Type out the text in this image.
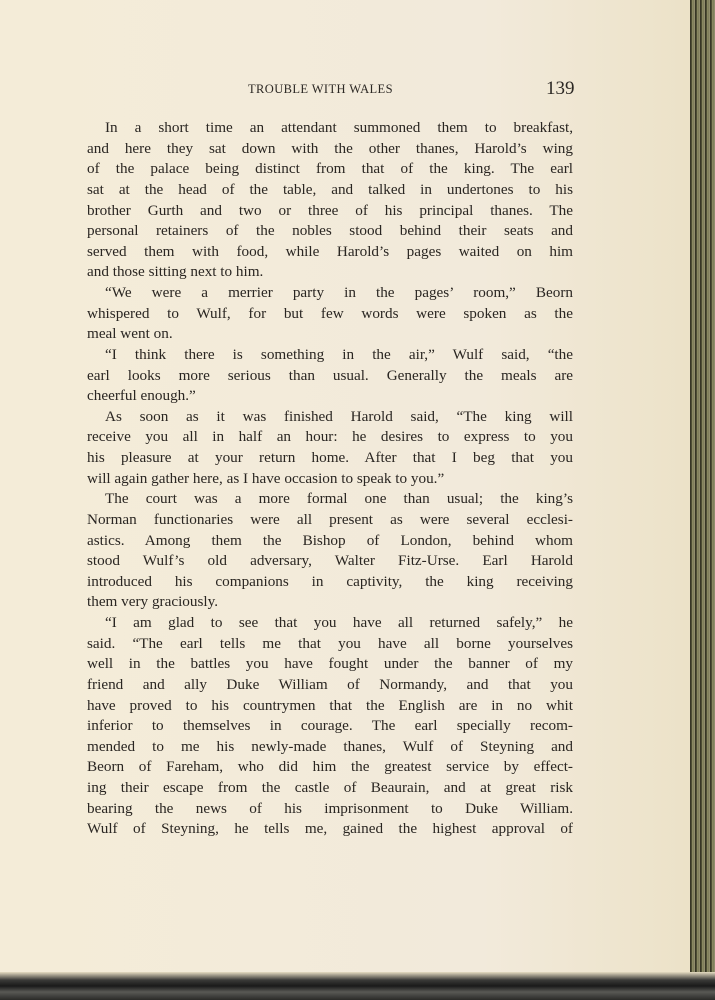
TROUBLE WITH WALES	139
In a short time an attendant summoned them to breakfast,
and here they sat down with the other thanes, Harold’s wing
of the palace being distinct from that of the king. The earl
sat at the head of the table, and talked in undertones to his
brother Gurth and two or three of his principal thanes. The
personal retainers of the nobles stood behind their seats and
served them with food, while Harold’s pages waited on him
and those sitting next to him.
“We were a merrier party in the pages’ room,” Beorn
whispered to Wulf, for but few words were spoken as the
meal went on.
“I think there is something in the air,” Wulf said, “the
earl looks more serious than usual. Generally the meals are
cheerful enough.”
As soon as it was finished Harold said, “The king will
receive you all in half an hour: he desires to express to you
his pleasure at your return home. After that I beg that you
will again gather here, as I have occasion to speak to you.”
The court was a more formal one than usual; the king’s
Norman functionaries were all present as were several ecclesi-
astics. Among them the Bishop of London, behind whom
stood Wulf’s old adversary, Walter Fitz-Urse. Earl Harold
introduced his companions in captivity, the king receiving
them very graciously.
“I am glad to see that you have all returned safely,” he
said. “The earl tells me that you have all borne yourselves
well in the battles you have fought under the banner of my
friend and ally Duke William of Normandy, and that you
have proved to his countrymen that the English are in no whit
inferior to themselves in courage. The earl specially recom-
mended to me his newly-made thanes, Wulf of Steyning and
Beorn of Fareham, who did him the greatest service by effect-
ing their escape from the castle of Beaurain, and at great risk
bearing the news of his imprisonment to Duke William.
Wulf of Steyning, he tells me, gained the highest approval of
